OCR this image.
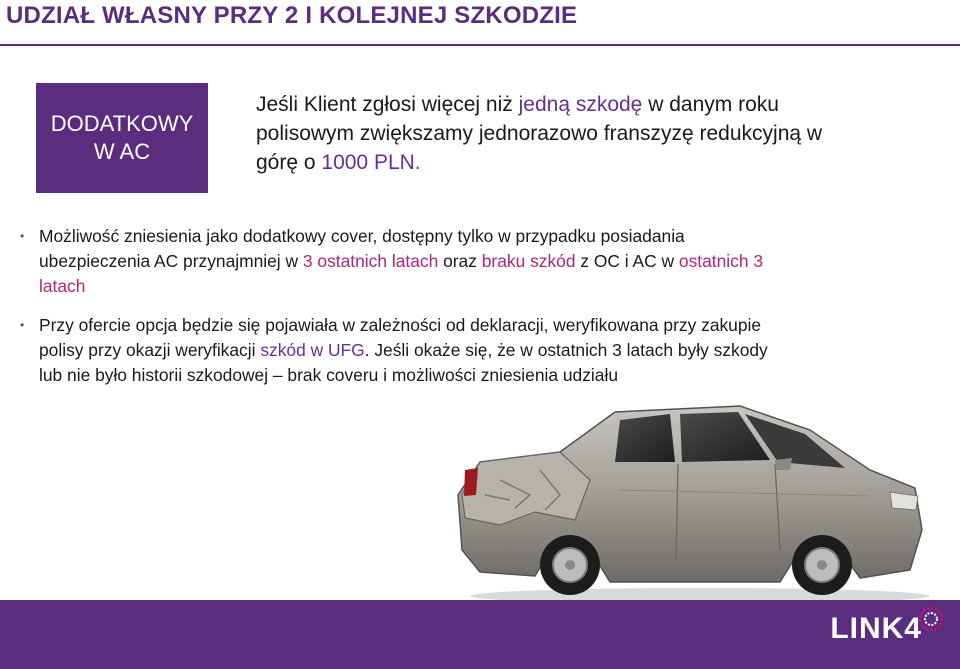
UDZIAŁ WŁASNY PRZY 2 I KOLEJNEJ SZKODZIE
DODATKOWY
W AC
Jeśli Klient zgłosi więcej niż jedną szkodę w danym roku
polisowym zwiększamy jednorazowo franszyzę redukcyjną w
górę o 1000 PLN.
• Możliwość zniesienia jako dodatkowy cover, dostępny tylko w przypadku posiadania
ubezpieczenia AC przynajmniej w 3 ostatnich latach oraz braku szkód z OC i AC w ostatnich 3
latach
• Przy ofercie opcja będzie się pojawiała w zależności od deklaracji, weryfikowana przy zakupie
polisy przy okazji weryfikacji szkód w UFG. Jeśli okaże się, że w ostatnich 3 latach były szkody
lub nie było historii szkodowej – brak coveru i możliwości zniesienia udziału
LINK4
